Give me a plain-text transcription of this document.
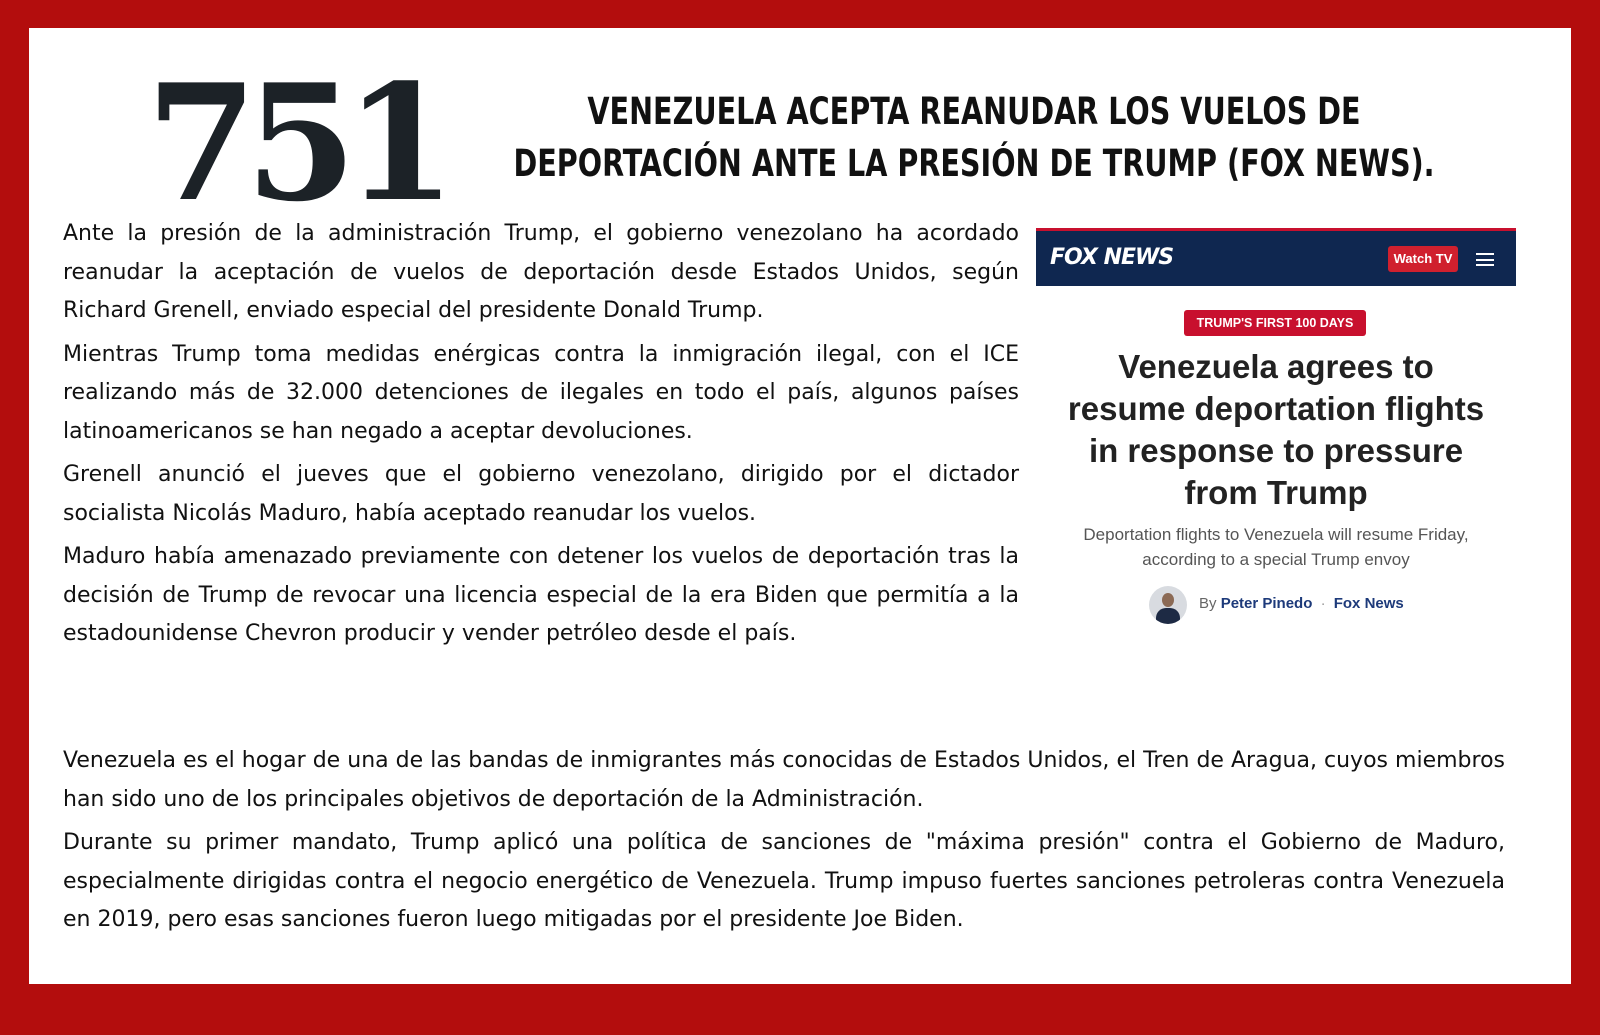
751	VENEZUELA ACEPTA REANUDAR LOS VUELOS DE
DEPORTACIÓN ANTE LA PRESIÓN DE TRUMP (FOX NEWS).

Ante la presión de la administración Trump, el gobierno venezolano ha acordado reanudar la aceptación de vuelos de deportación desde Estados Unidos, según Richard Grenell, enviado especial del presidente Donald Trump.

Mientras Trump toma medidas enérgicas contra la inmigración ilegal, con el ICE realizando más de 32.000 detenciones de ilegales en todo el país, algunos países latinoamericanos se han negado a aceptar devoluciones.

Grenell anunció el jueves que el gobierno venezolano, dirigido por el dictador socialista Nicolás Maduro, había aceptado reanudar los vuelos.

Maduro había amenazado previamente con detener los vuelos de deportación tras la decisión de Trump de revocar una licencia especial de la era Biden que permitía a la estadounidense Chevron producir y vender petróleo desde el país.

FOX NEWS	Watch TV
TRUMP'S FIRST 100 DAYS
Venezuela agrees to resume deportation flights in response to pressure from Trump
Deportation flights to Venezuela will resume Friday, according to a special Trump envoy
By Peter Pinedo · Fox News

Venezuela es el hogar de una de las bandas de inmigrantes más conocidas de Estados Unidos, el Tren de Aragua, cuyos miembros han sido uno de los principales objetivos de deportación de la Administración.

Durante su primer mandato, Trump aplicó una política de sanciones de "máxima presión" contra el Gobierno de Maduro, especialmente dirigidas contra el negocio energético de Venezuela. Trump impuso fuertes sanciones petroleras contra Venezuela en 2019, pero esas sanciones fueron luego mitigadas por el presidente Joe Biden.
